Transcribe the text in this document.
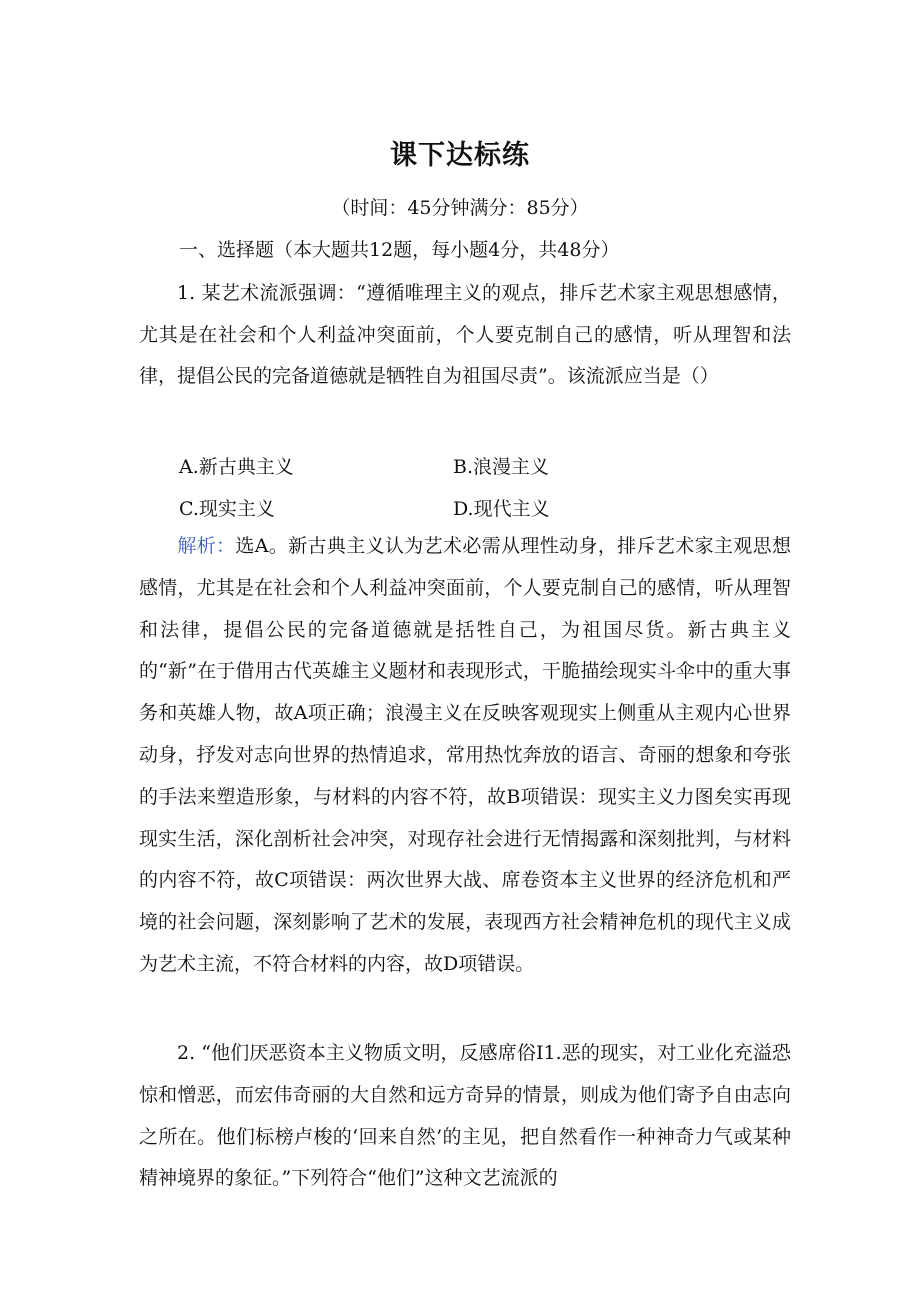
课下达标练
（时间：45分钟满分：85分）
一、选择题（本大题共12题，每小题4分，共48分）
1. 某艺术流派强调：“遵循唯理主义的观点，排斥艺术家主观思想感情，尤其是在社会和个人利益冲突面前，个人要克制自己的感情，听从理智和法律，提倡公民的完备道德就是牺牲自为祖国尽责”。该流派应当是（）
A.新古典主义	B.浪漫主义
C.现实主义	D.现代主义
解析：选A。新古典主义认为艺术必需从理性动身，排斥艺术家主观思想感情，尤其是在社会和个人利益冲突面前，个人要克制自己的感情，听从理智和法律，提倡公民的完备道德就是括牲自己，为祖国尽货。新古典主义的“新”在于借用古代英雄主义题材和表现形式，干脆描绘现实斗伞中的重大事务和英雄人物，故A项正确；浪漫主义在反映客观现实上侧重从主观内心世界动身，抒发对志向世界的热情追求，常用热忱奔放的语言、奇丽的想象和夸张的手法来塑造形象，与材料的内容不符，故B项错误：现实主义力图矣实再现现实生活，深化剖析社会冲突，对现存社会进行无情揭露和深刻批判，与材料的内容不符，故C项错误：两次世界大战、席卷资本主义世界的经济危机和严境的社会问题，深刻影响了艺术的发展，表现西方社会精神危机的现代主义成为艺术主流，不符合材料的内容，故D项错误。
2. “他们厌恶资本主义物质文明，反感席俗I1.恶的现实，对工业化充溢恐惊和憎恶，而宏伟奇丽的大自然和远方奇异的情景，则成为他们寄予自由志向之所在。他们标榜卢梭的‘回来自然’的主见，把自然看作一种神奇力气或某种精神境界的象征。”下列符合“他们”这种文艺流派的
